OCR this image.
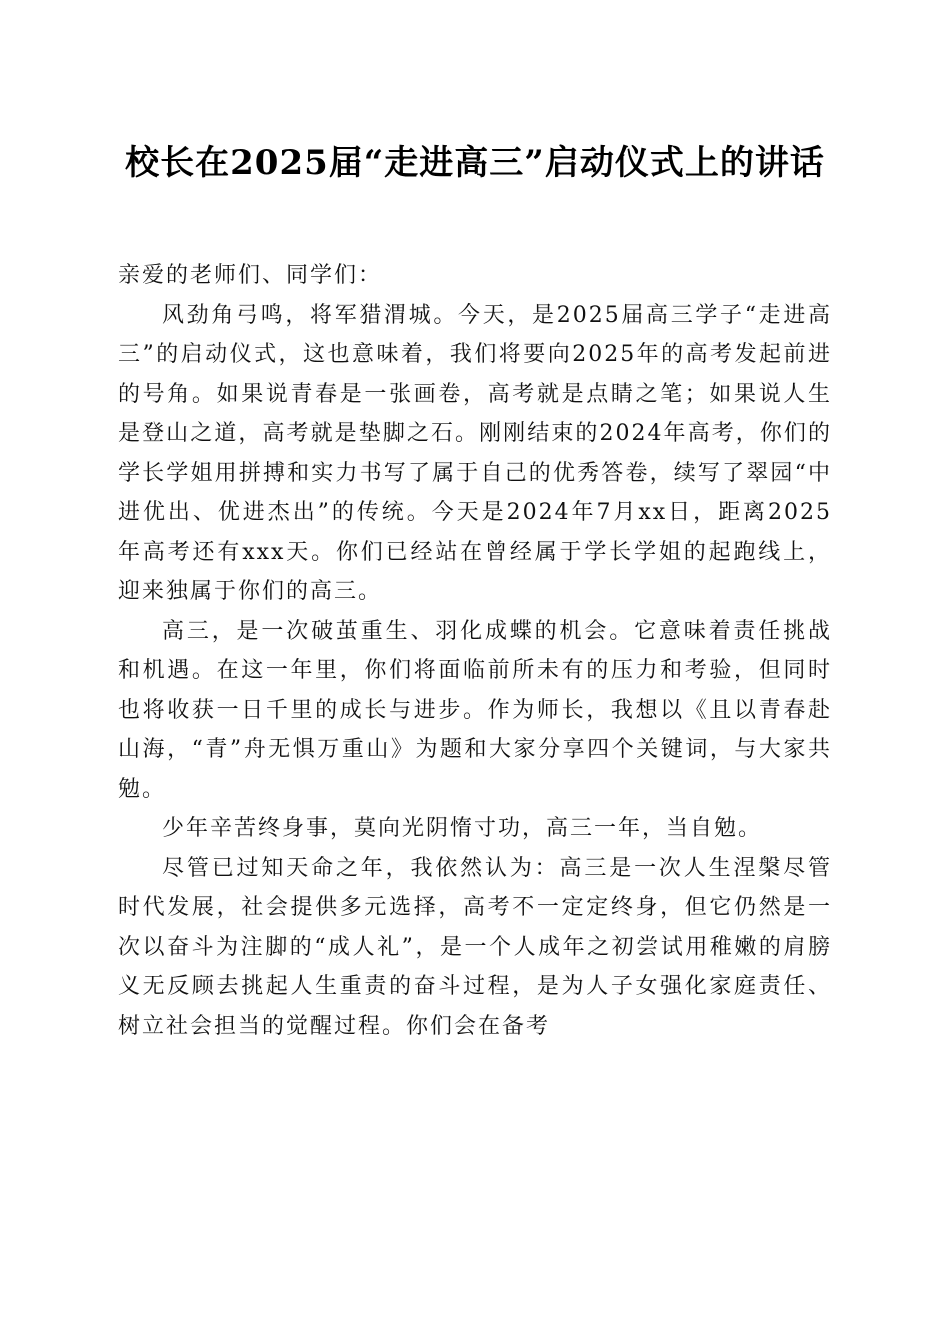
校长在2025届“走进高三”启动仪式上的讲话

亲爱的老师们、同学们：

风劲角弓鸣，将军猎渭城。今天，是2025届高三学子“走进高三”的启动仪式，这也意味着，我们将要向2025年的高考发起前进的号角。如果说青春是一张画卷，高考就是点睛之笔；如果说人生是登山之道，高考就是垫脚之石。刚刚结束的2024年高考，你们的学长学姐用拼搏和实力书写了属于自己的优秀答卷，续写了翠园“中进优出、优进杰出”的传统。今天是2024年7月xx日，距离2025年高考还有xxx天。你们已经站在曾经属于学长学姐的起跑线上，迎来独属于你们的高三。

高三，是一次破茧重生、羽化成蝶的机会。它意味着责任挑战和机遇。在这一年里，你们将面临前所未有的压力和考验，但同时也将收获一日千里的成长与进步。作为师长，我想以《且以青春赴山海，“青”舟无惧万重山》为题和大家分享四个关键词，与大家共勉。

少年辛苦终身事，莫向光阴惰寸功，高三一年，当自勉。

尽管已过知天命之年，我依然认为：高三是一次人生涅槃尽管时代发展，社会提供多元选择，高考不一定定终身，但它仍然是一次以奋斗为注脚的“成人礼”，是一个人成年之初尝试用稚嫩的肩膀义无反顾去挑起人生重责的奋斗过程，是为人子女强化家庭责任、树立社会担当的觉醒过程。你们会在备考
